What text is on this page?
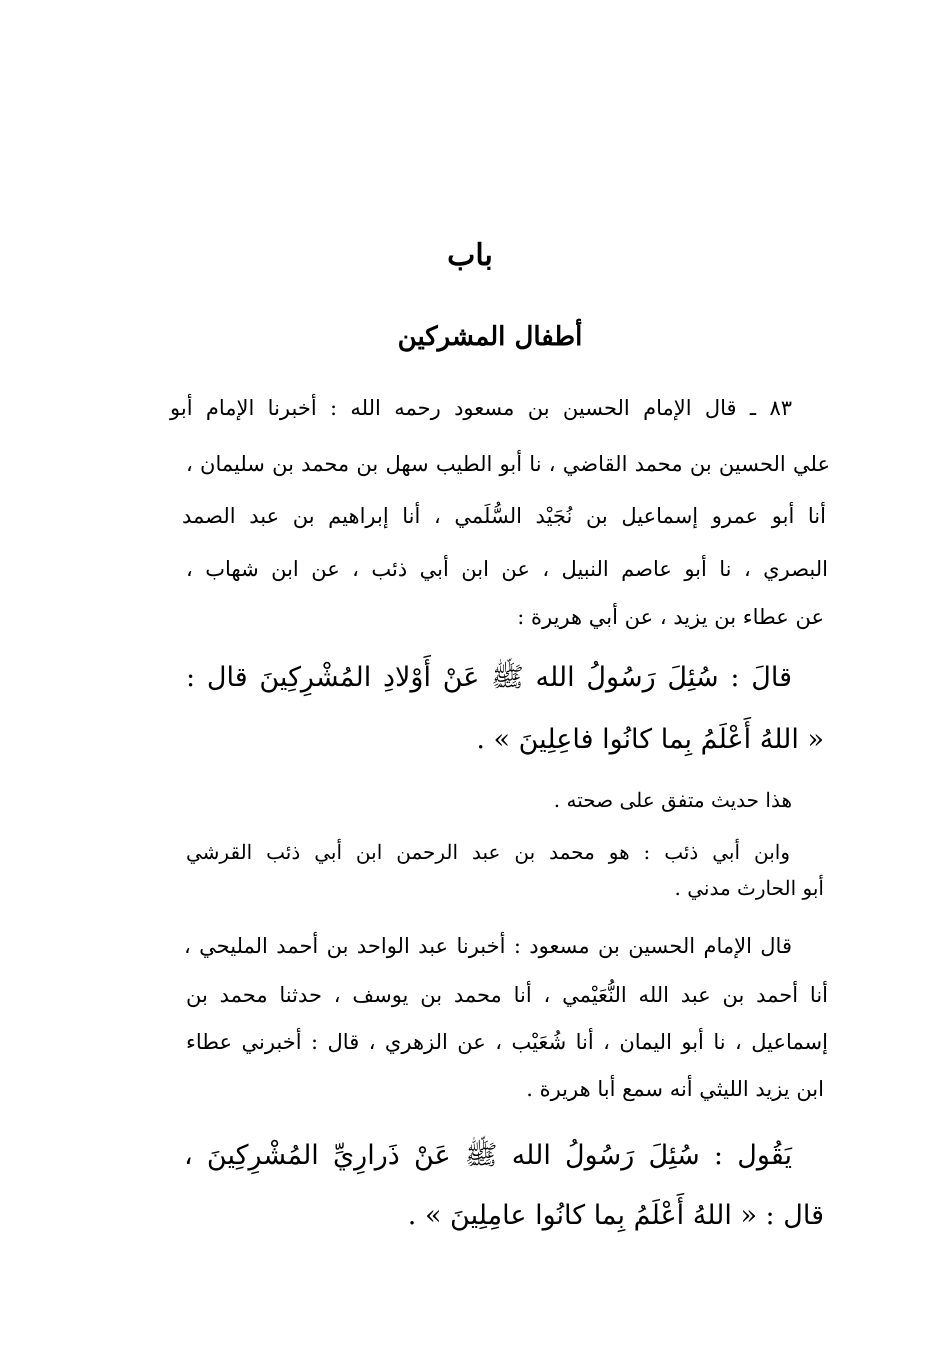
باب
أطفال المشركين
٨٣ ـ قال الإمام الحسين بن مسعود رحمه الله : أخبرنا الإمام أبو
علي الحسين بن محمد القاضي ، نا أبو الطيب سهل بن محمد بن سليمان ،
أنا أبو عمرو إسماعيل بن نُجَيْد السُّلَمي ، أنا إبراهيم بن عبد الصمد
البصري ، نا أبو عاصم النبيل ، عن ابن أبي ذئب ، عن ابن شهاب ،
عن عطاء بن يزيد ، عن أبي هريرة :
قالَ : سُئِلَ رَسُولُ الله ﷺ عَنْ أَوْلادِ المُشْرِكِينَ قال :
« اللهُ أَعْلَمُ بِما كانُوا فاعِلِينَ » .
هذا حديث متفق على صحته .
وابن أبي ذئب : هو محمد بن عبد الرحمن ابن أبي ذئب القرشي
أبو الحارث مدني .
قال الإمام الحسين بن مسعود : أخبرنا عبد الواحد بن أحمد المليحي ،
أنا أحمد بن عبد الله النُّعَيْمي ، أنا محمد بن يوسف ، حدثنا محمد بن
إسماعيل ، نا أبو اليمان ، أنا شُعَيْب ، عن الزهري ، قال : أخبرني عطاء
ابن يزيد الليثي أنه سمع أبا هريرة .
يَقُول : سُئِلَ رَسُولُ الله ﷺ عَنْ ذَرارِيِّ المُشْرِكِينَ ،
قال : « اللهُ أَعْلَمُ بِما كانُوا عامِلِينَ » .
